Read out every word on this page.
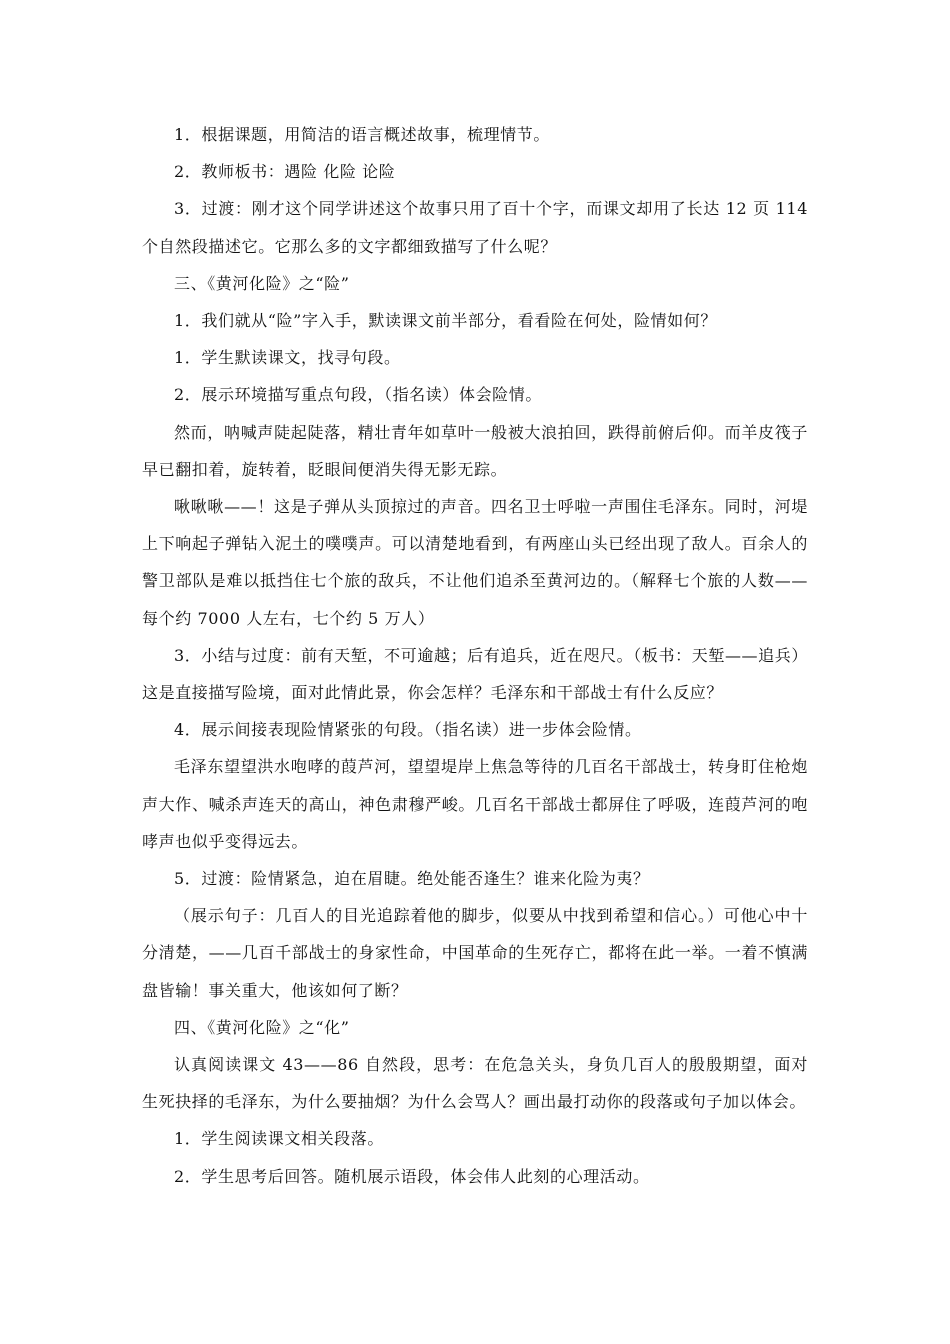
1．根据课题，用简洁的语言概述故事，梳理情节。

2．教师板书：遇险 化险 论险

3．过渡：刚才这个同学讲述这个故事只用了百十个字，而课文却用了长达 12 页 114 个自然段描述它。它那么多的文字都细致描写了什么呢？

三、《黄河化险》之“险”

1．我们就从“险”字入手，默读课文前半部分，看看险在何处，险情如何？

1．学生默读课文，找寻句段。

2．展示环境描写重点句段，（指名读）体会险情。

然而，呐喊声陡起陡落，精壮青年如草叶一般被大浪拍回，跌得前俯后仰。而羊皮筏子早已翻扣着，旋转着，眨眼间便消失得无影无踪。

啾啾啾——！这是子弹从头顶掠过的声音。四名卫士呼啦一声围住毛泽东。同时，河堤上下响起子弹钻入泥土的噗噗声。可以清楚地看到，有两座山头已经出现了敌人。百余人的警卫部队是难以抵挡住七个旅的敌兵，不让他们追杀至黄河边的。（解释七个旅的人数——每个约 7000 人左右，七个约 5 万人）

3．小结与过度：前有天堑，不可逾越；后有追兵，近在咫尺。（板书：天堑——追兵）这是直接描写险境，面对此情此景，你会怎样？毛泽东和干部战士有什么反应？

4．展示间接表现险情紧张的句段。（指名读）进一步体会险情。

毛泽东望望洪水咆哮的葭芦河，望望堤岸上焦急等待的几百名干部战士，转身盯住枪炮声大作、喊杀声连天的高山，神色肃穆严峻。几百名干部战士都屏住了呼吸，连葭芦河的咆哮声也似乎变得远去。

5．过渡：险情紧急，迫在眉睫。绝处能否逢生？谁来化险为夷？

（展示句子：几百人的目光追踪着他的脚步，似要从中找到希望和信心。）可他心中十分清楚，——几百千部战士的身家性命，中国革命的生死存亡，都将在此一举。一着不慎满盘皆输！事关重大，他该如何了断？

四、《黄河化险》之“化”

认真阅读课文 43——86 自然段，思考：在危急关头，身负几百人的殷殷期望，面对生死抉择的毛泽东，为什么要抽烟？为什么会骂人？画出最打动你的段落或句子加以体会。

1．学生阅读课文相关段落。

2．学生思考后回答。随机展示语段，体会伟人此刻的心理活动。
